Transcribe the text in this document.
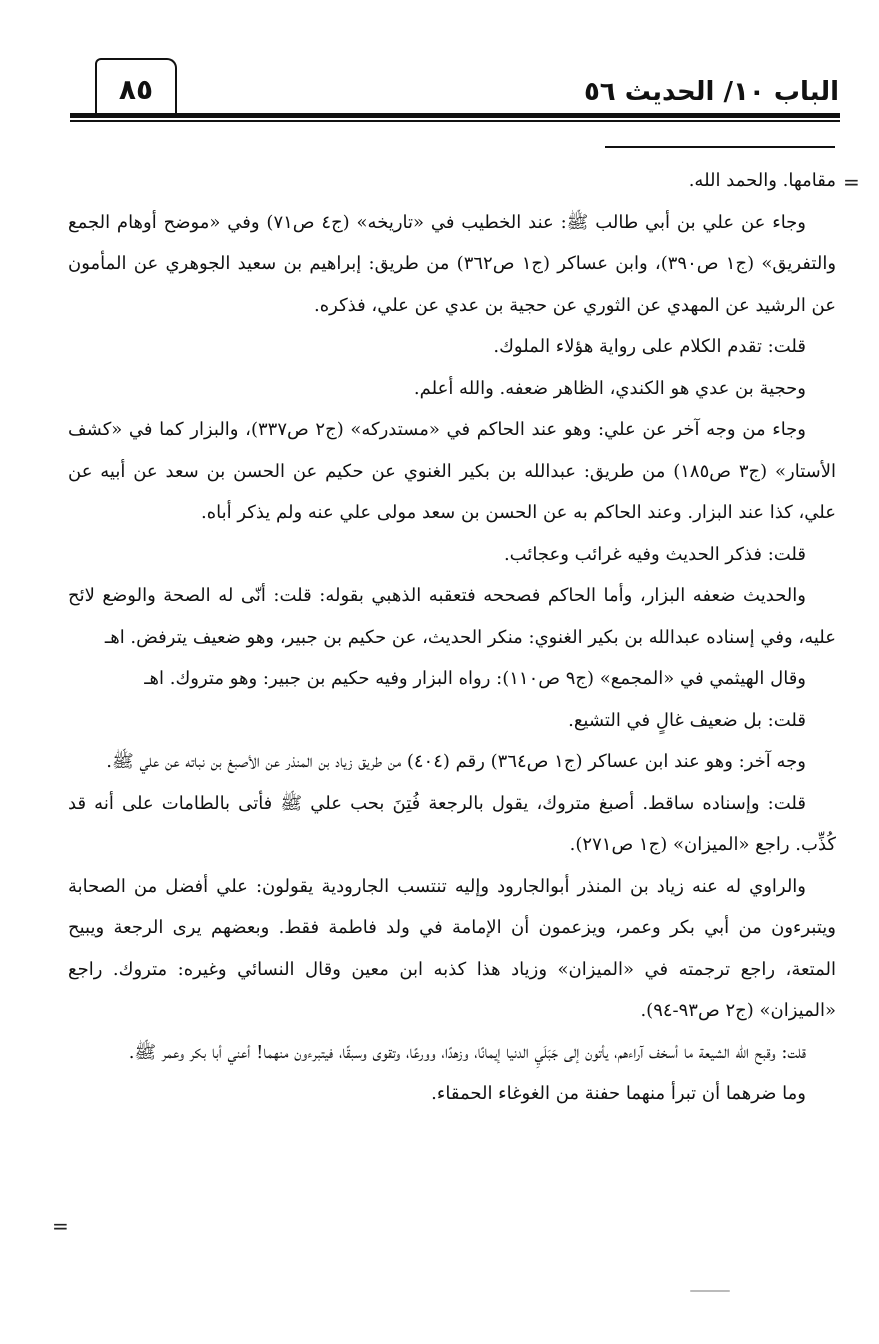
الباب ١٠/ الحديث ٥٦
٨٥
=
=

مقامها. والحمد الله.

وجاء عن علي بن أبي طالب ﷺ: عند الخطيب في «تاريخه» (ج٤ ص٧١) وفي «موضح أوهام الجمع والتفريق» (ج١ ص٣٩٠)، وابن عساكر (ج١ ص٣٦٢) من طريق: إبراهيم بن سعيد الجوهري عن المأمون عن الرشيد عن المهدي عن الثوري عن حجية بن عدي عن علي، فذكره.

قلت: تقدم الكلام على رواية هؤلاء الملوك.

وحجية بن عدي هو الكندي، الظاهر ضعفه. والله أعلم.

وجاء من وجه آخر عن علي: وهو عند الحاكم في «مستدركه» (ج٢ ص٣٣٧)، والبزار كما في «كشف الأستار» (ج٣ ص١٨٥) من طريق: عبدالله بن بكير الغنوي عن حكيم عن الحسن بن سعد عن أبيه عن علي، كذا عند البزار. وعند الحاكم به عن الحسن بن سعد مولى علي عنه ولم يذكر أباه.

قلت: فذكر الحديث وفيه غرائب وعجائب.

والحديث ضعفه البزار، وأما الحاكم فصححه فتعقبه الذهبي بقوله: قلت: أنّى له الصحة والوضع لائح عليه، وفي إسناده عبدالله بن بكير الغنوي: منكر الحديث، عن حكيم بن جبير، وهو ضعيف يترفض. اهـ

وقال الهيثمي في «المجمع» (ج٩ ص١١٠): رواه البزار وفيه حكيم بن جبير: وهو متروك. اهـ

قلت: بل ضعيف غالٍ في التشيع.

وجه آخر: وهو عند ابن عساكر (ج١ ص٣٦٤) رقم (٤٠٤) من طريق زياد بن المنذر عن الأصبغ بن نباته عن علي ﷺ.

قلت: وإسناده ساقط. أصبغ متروك، يقول بالرجعة فُتِنَ بحب علي ﷺ فأتى بالطامات على أنه قد كُذِّب. راجع «الميزان» (ج١ ص٢٧١).

والراوي له عنه زياد بن المنذر أبوالجارود وإليه تنتسب الجارودية يقولون: علي أفضل من الصحابة ويتبرءون من أبي بكر وعمر، ويزعمون أن الإمامة في ولد فاطمة فقط. وبعضهم يرى الرجعة ويبيح المتعة، راجع ترجمته في «الميزان» وزياد هذا كذبه ابن معين وقال النسائي وغيره: متروك. راجع «الميزان» (ج٢ ص٩٣-٩٤).

قلت: وقبح الله الشيعة ما أسخف آراءهم، يأتون إلى جَبَلَيِ الدنيا إيمانًا، وزهدًا، وورعًا، وتقوى وسبقًا، فيتبرءون منهما! أعني أبا بكر وعمر ﷺ.

وما ضرهما أن تبرأ منهما حفنة من الغوغاء الحمقاء.
